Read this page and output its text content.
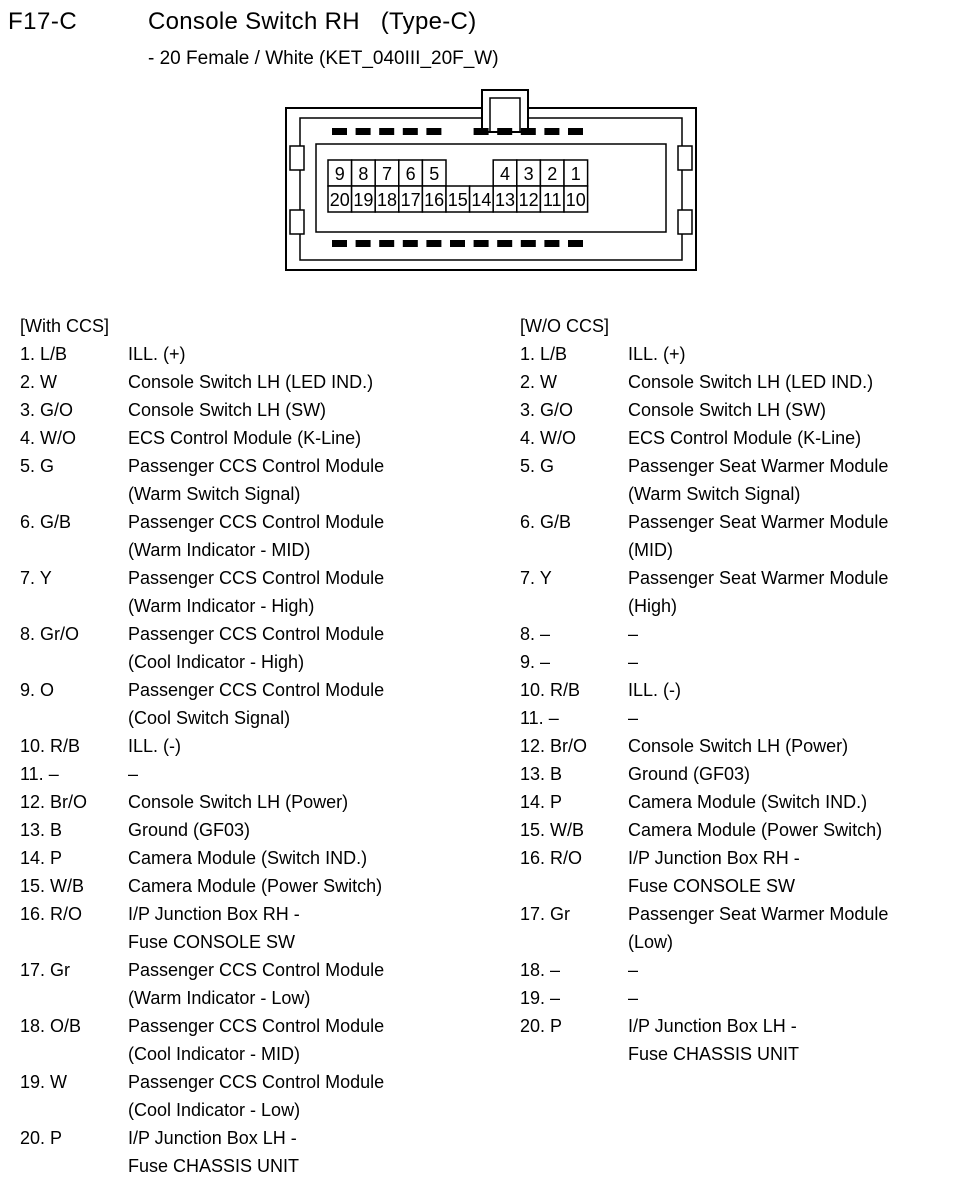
F17-C	Console Switch RH   (Type-C)
- 20 Female / White (KET_040III_20F_W)
9 8 7 6 5	4 3 2 1
20 19 18 17 16 15 14 13 12 11 10
[With CCS]
1. L/B	ILL. (+)
2. W	Console Switch LH (LED IND.)
3. G/O	Console Switch LH (SW)
4. W/O	ECS Control Module (K-Line)
5. G	Passenger CCS Control Module
(Warm Switch Signal)
6. G/B	Passenger CCS Control Module
(Warm Indicator - MID)
7. Y	Passenger CCS Control Module
(Warm Indicator - High)
8. Gr/O	Passenger CCS Control Module
(Cool Indicator - High)
9. O	Passenger CCS Control Module
(Cool Switch Signal)
10. R/B	ILL. (-)
11. –	–
12. Br/O	Console Switch LH (Power)
13. B	Ground (GF03)
14. P	Camera Module (Switch IND.)
15. W/B	Camera Module (Power Switch)
16. R/O	I/P Junction Box RH -
Fuse CONSOLE SW
17. Gr	Passenger CCS Control Module
(Warm Indicator - Low)
18. O/B	Passenger CCS Control Module
(Cool Indicator - MID)
19. W	Passenger CCS Control Module
(Cool Indicator - Low)
20. P	I/P Junction Box LH -
Fuse CHASSIS UNIT
[W/O CCS]
1. L/B	ILL. (+)
2. W	Console Switch LH (LED IND.)
3. G/O	Console Switch LH (SW)
4. W/O	ECS Control Module (K-Line)
5. G	Passenger Seat Warmer Module
(Warm Switch Signal)
6. G/B	Passenger Seat Warmer Module
(MID)
7. Y	Passenger Seat Warmer Module
(High)
8. –	–
9. –	–
10. R/B	ILL. (-)
11. –	–
12. Br/O	Console Switch LH (Power)
13. B	Ground (GF03)
14. P	Camera Module (Switch IND.)
15. W/B	Camera Module (Power Switch)
16. R/O	I/P Junction Box RH -
Fuse CONSOLE SW
17. Gr	Passenger Seat Warmer Module
(Low)
18. –	–
19. –	–
20. P	I/P Junction Box LH -
Fuse CHASSIS UNIT
